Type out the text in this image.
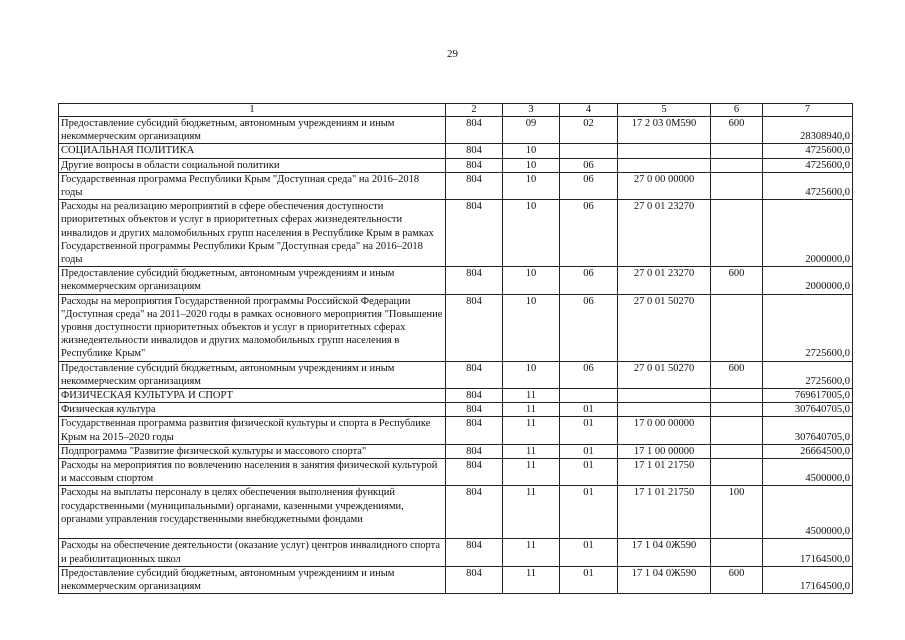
29
1	2	3	4	5	6	7
Предоставление субсидий бюджетным, автономным учреждениям и иным некоммерческим организациям	804	09	02	17 2 03 0М590	600	28308940,0
СОЦИАЛЬНАЯ ПОЛИТИКА	804	10				4725600,0
Другие вопросы в области социальной политики	804	10	06			4725600,0
Государственная программа Республики Крым "Доступная среда" на 2016–2018 годы	804	10	06	27 0 00 00000		4725600,0
Расходы на реализацию мероприятий в сфере обеспечения доступности приоритетных объектов и услуг в приоритетных сферах жизнедеятельности инвалидов и других маломобильных групп населения в Республике Крым в рамках Государственной программы Республики Крым "Доступная среда" на 2016–2018 годы	804	10	06	27 0 01 23270		2000000,0
Предоставление субсидий бюджетным, автономным учреждениям и иным некоммерческим организациям	804	10	06	27 0 01 23270	600	2000000,0
Расходы на мероприятия Государственной программы Российской Федерации "Доступная среда" на 2011–2020 годы в рамках основного мероприятия "Повышение уровня доступности приоритетных объектов и услуг в приоритетных сферах жизнедеятельности инвалидов и других маломобильных групп населения в Республике Крым"	804	10	06	27 0 01 50270		2725600,0
Предоставление субсидий бюджетным, автономным учреждениям и иным некоммерческим организациям	804	10	06	27 0 01 50270	600	2725600,0
ФИЗИЧЕСКАЯ КУЛЬТУРА И СПОРТ	804	11				769617005,0
Физическая культура	804	11	01			307640705,0
Государственная программа развития физической культуры и спорта в Республике Крым на 2015–2020 годы	804	11	01	17 0 00 00000		307640705,0
Подпрограмма "Развитие физической культуры и массового спорта"	804	11	01	17 1 00 00000		26664500,0
Расходы на мероприятия по вовлечению населения в занятия физической культурой и массовым спортом	804	11	01	17 1 01 21750		4500000,0
Расходы на выплаты персоналу в целях обеспечения выполнения функций государственными (муниципальными) органами, казенными учреждениями, органами управления государственными внебюджетными фондами	804	11	01	17 1 01 21750	100	4500000,0
Расходы на обеспечение деятельности (оказание услуг) центров инвалидного спорта и реабилитационных школ	804	11	01	17 1 04 0Ж590		17164500,0
Предоставление субсидий бюджетным, автономным учреждениям и иным некоммерческим организациям	804	11	01	17 1 04 0Ж590	600	17164500,0
